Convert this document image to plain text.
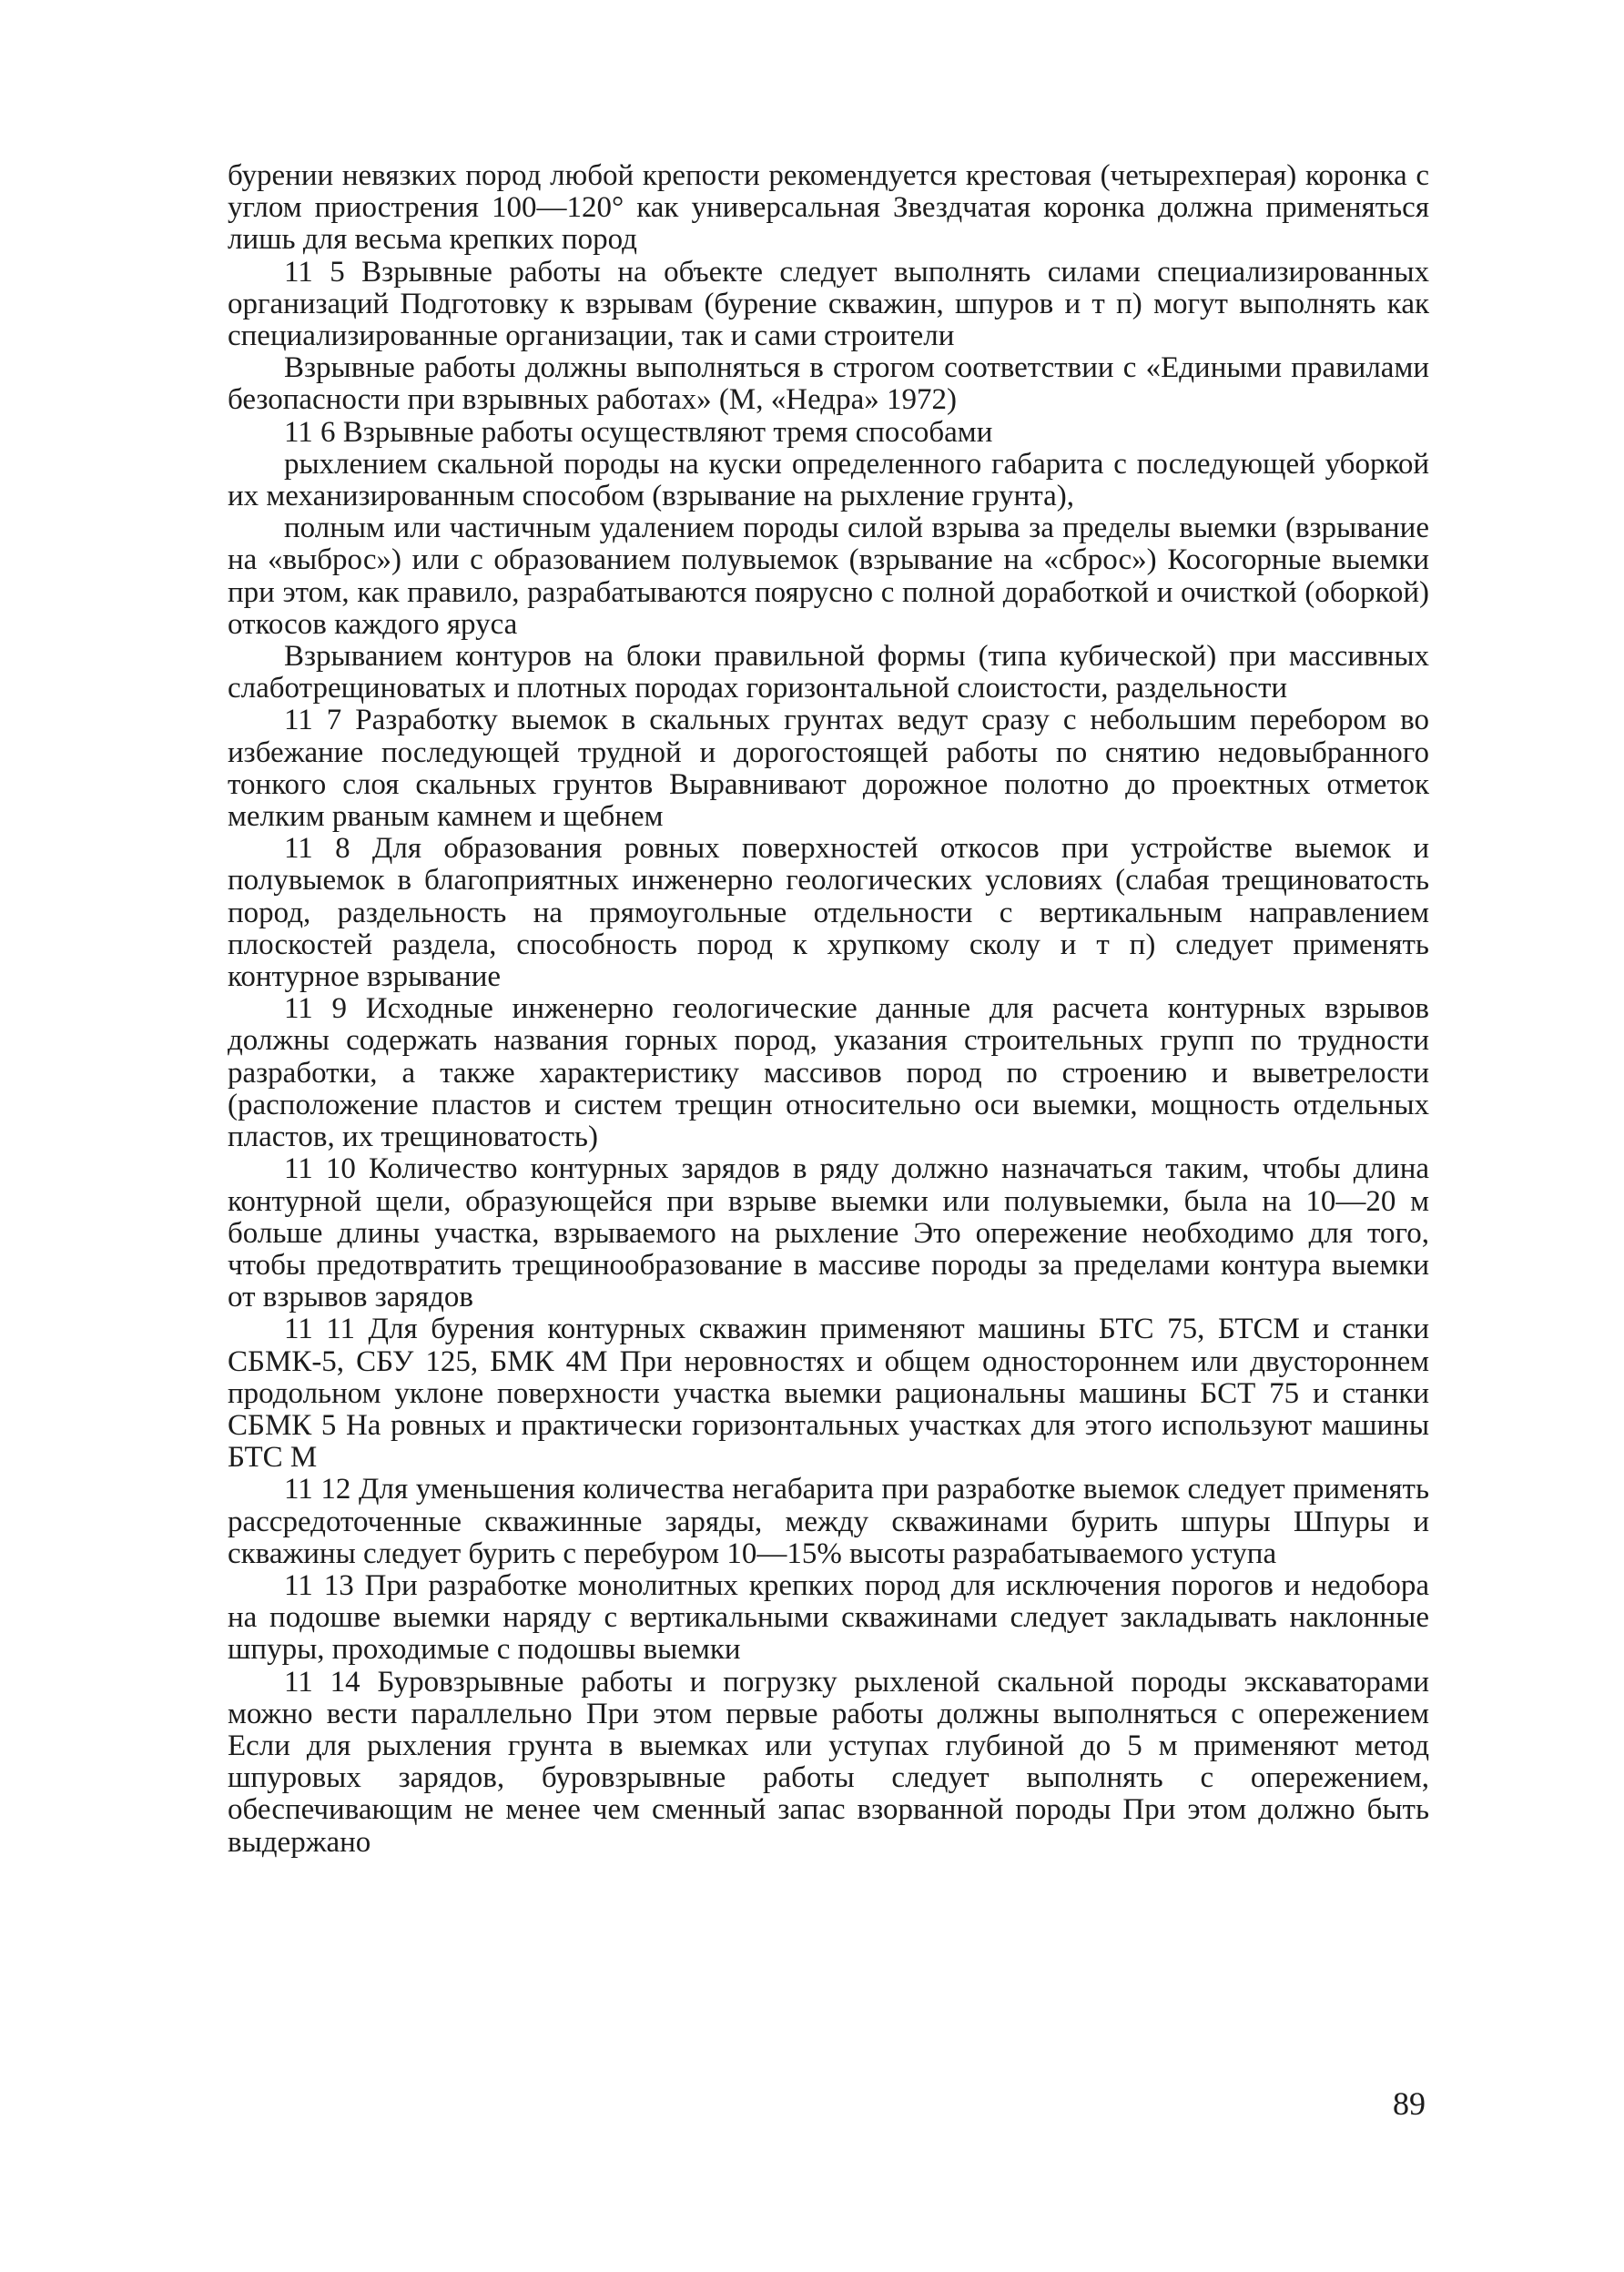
бурении невязких пород любой крепости рекомендуется крестовая (четырехперая) коронка с углом приострения 100—120° как универсальная Звездчатая коронка должна применяться лишь для весьма крепких пород

11 5 Взрывные работы на объекте следует выполнять силами специализированных организаций Подготовку к взрывам (бурение скважин, шпуров и т п) могут выполнять как специализированные организации, так и сами строители

Взрывные работы должны выполняться в строгом соответствии с «Едиными правилами безопасности при взрывных работах» (М, «Недра» 1972)

11 6 Взрывные работы осуществляют тремя способами

рыхлением скальной породы на куски определенного габарита с последующей уборкой их механизированным способом (взрывание на рыхление грунта),

полным или частичным удалением породы силой взрыва за пределы выемки (взрывание на «выброс») или с образованием полувыемок (взрывание на «сброс») Косогорные выемки при этом, как правило, разрабатываются поярусно с полной доработкой и очисткой (оборкой) откосов каждого яруса

Взрыванием контуров на блоки правильной формы (типа кубической) при массивных слаботрещиноватых и плотных породах горизонтальной слоистости, раздельности

11 7 Разработку выемок в скальных грунтах ведут сразу с небольшим перебором во избежание последующей трудной и дорогостоящей работы по снятию недовыбранного тонкого слоя скальных грунтов Выравнивают дорожное полотно до проектных отметок мелким рваным камнем и щебнем

11 8 Для образования ровных поверхностей откосов при устройстве выемок и полувыемок в благоприятных инженерно геологических условиях (слабая трещиноватость пород, раздельность на прямоугольные отдельности с вертикальным направлением плоскостей раздела, способность пород к хрупкому сколу и т п) следует применять контурное взрывание

11 9 Исходные инженерно геологические данные для расчета контурных взрывов должны содержать названия горных пород, указания строительных групп по трудности разработки, а также характеристику массивов пород по строению и выветрелости (расположение пластов и систем трещин относительно оси выемки, мощность отдельных пластов, их трещиноватость)

11 10 Количество контурных зарядов в ряду должно назначаться таким, чтобы длина контурной щели, образующейся при взрыве выемки или полувыемки, была на 10—20 м больше длины участка, взрываемого на рыхление Это опережение необходимо для того, чтобы предотвратить трещинообразование в массиве породы за пределами контура выемки от взрывов зарядов

11 11 Для бурения контурных скважин применяют машины БТС 75, БТСМ и станки СБМК-5, СБУ 125, БМК 4М При неровностях и общем одностороннем или двустороннем продольном уклоне поверхности участка выемки рациональны машины БСТ 75 и станки СБМК 5 На ровных и практически горизонтальных участках для этого используют машины БТС М

11 12 Для уменьшения количества негабарита при разработке выемок следует применять рассредоточенные скважинные заряды, между скважинами бурить шпуры Шпуры и скважины следует бурить с перебуром 10—15% высоты разрабатываемого уступа

11 13 При разработке монолитных крепких пород для исключения порогов и недобора на подошве выемки наряду с вертикальными скважинами следует закладывать наклонные шпуры, проходимые с подошвы выемки

11 14 Буровзрывные работы и погрузку рыхленой скальной породы экскаваторами можно вести параллельно При этом первые работы должны выполняться с опережением Если для рыхления грунта в выемках или уступах глубиной до 5 м применяют метод шпуровых зарядов, буровзрывные работы следует выполнять с опережением, обеспечивающим не менее чем сменный запас взорванной породы При этом должно быть выдержано

89
